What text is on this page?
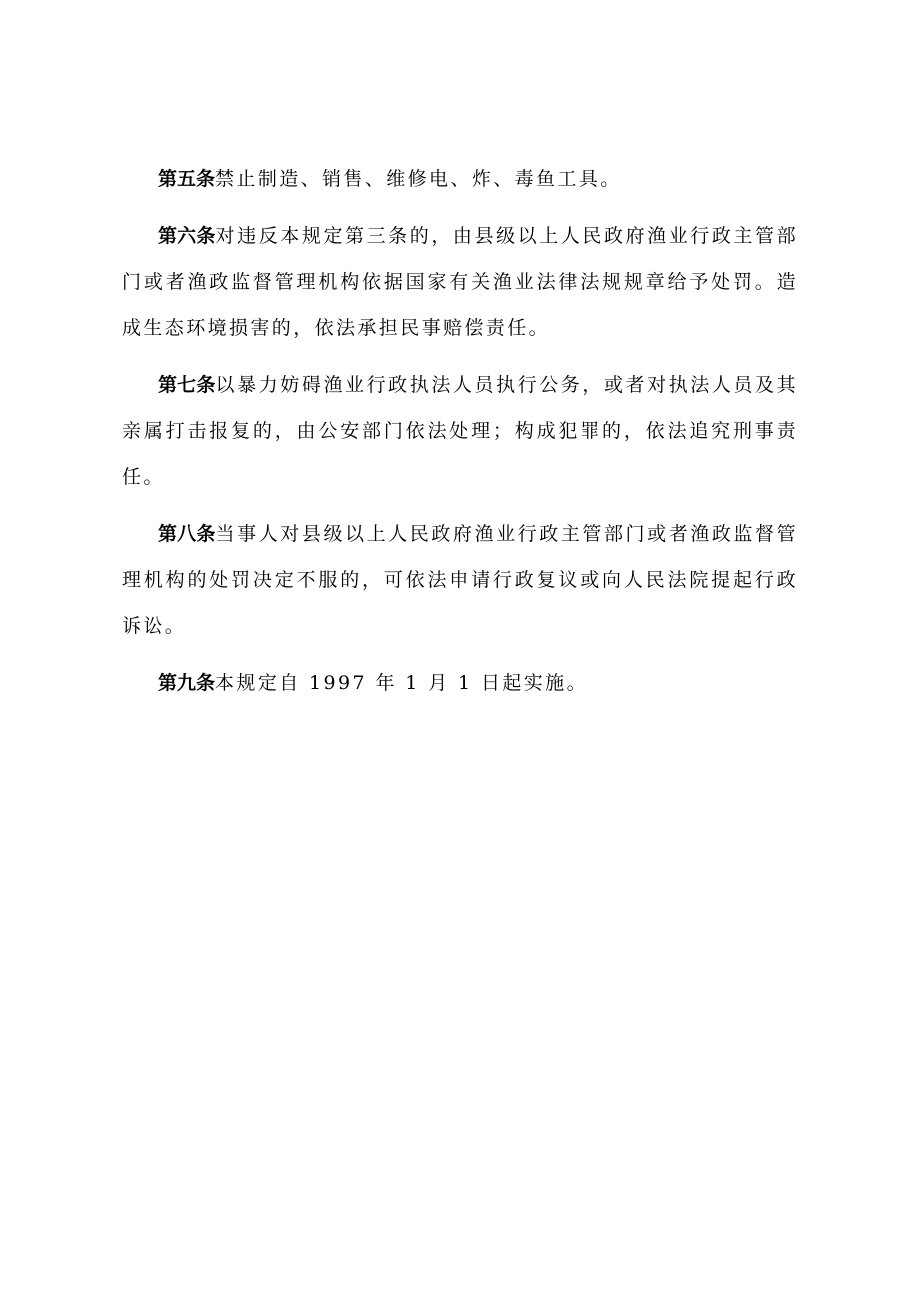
第五条禁止制造、销售、维修电、炸、毒鱼工具。

第六条对违反本规定第三条的，由县级以上人民政府渔业行政主管部门或者渔政监督管理机构依据国家有关渔业法律法规规章给予处罚。造成生态环境损害的，依法承担民事赔偿责任。

第七条以暴力妨碍渔业行政执法人员执行公务，或者对执法人员及其亲属打击报复的，由公安部门依法处理；构成犯罪的，依法追究刑事责任。

第八条当事人对县级以上人民政府渔业行政主管部门或者渔政监督管理机构的处罚决定不服的，可依法申请行政复议或向人民法院提起行政诉讼。

第九条本规定自 1997 年 1 月 1 日起实施。
